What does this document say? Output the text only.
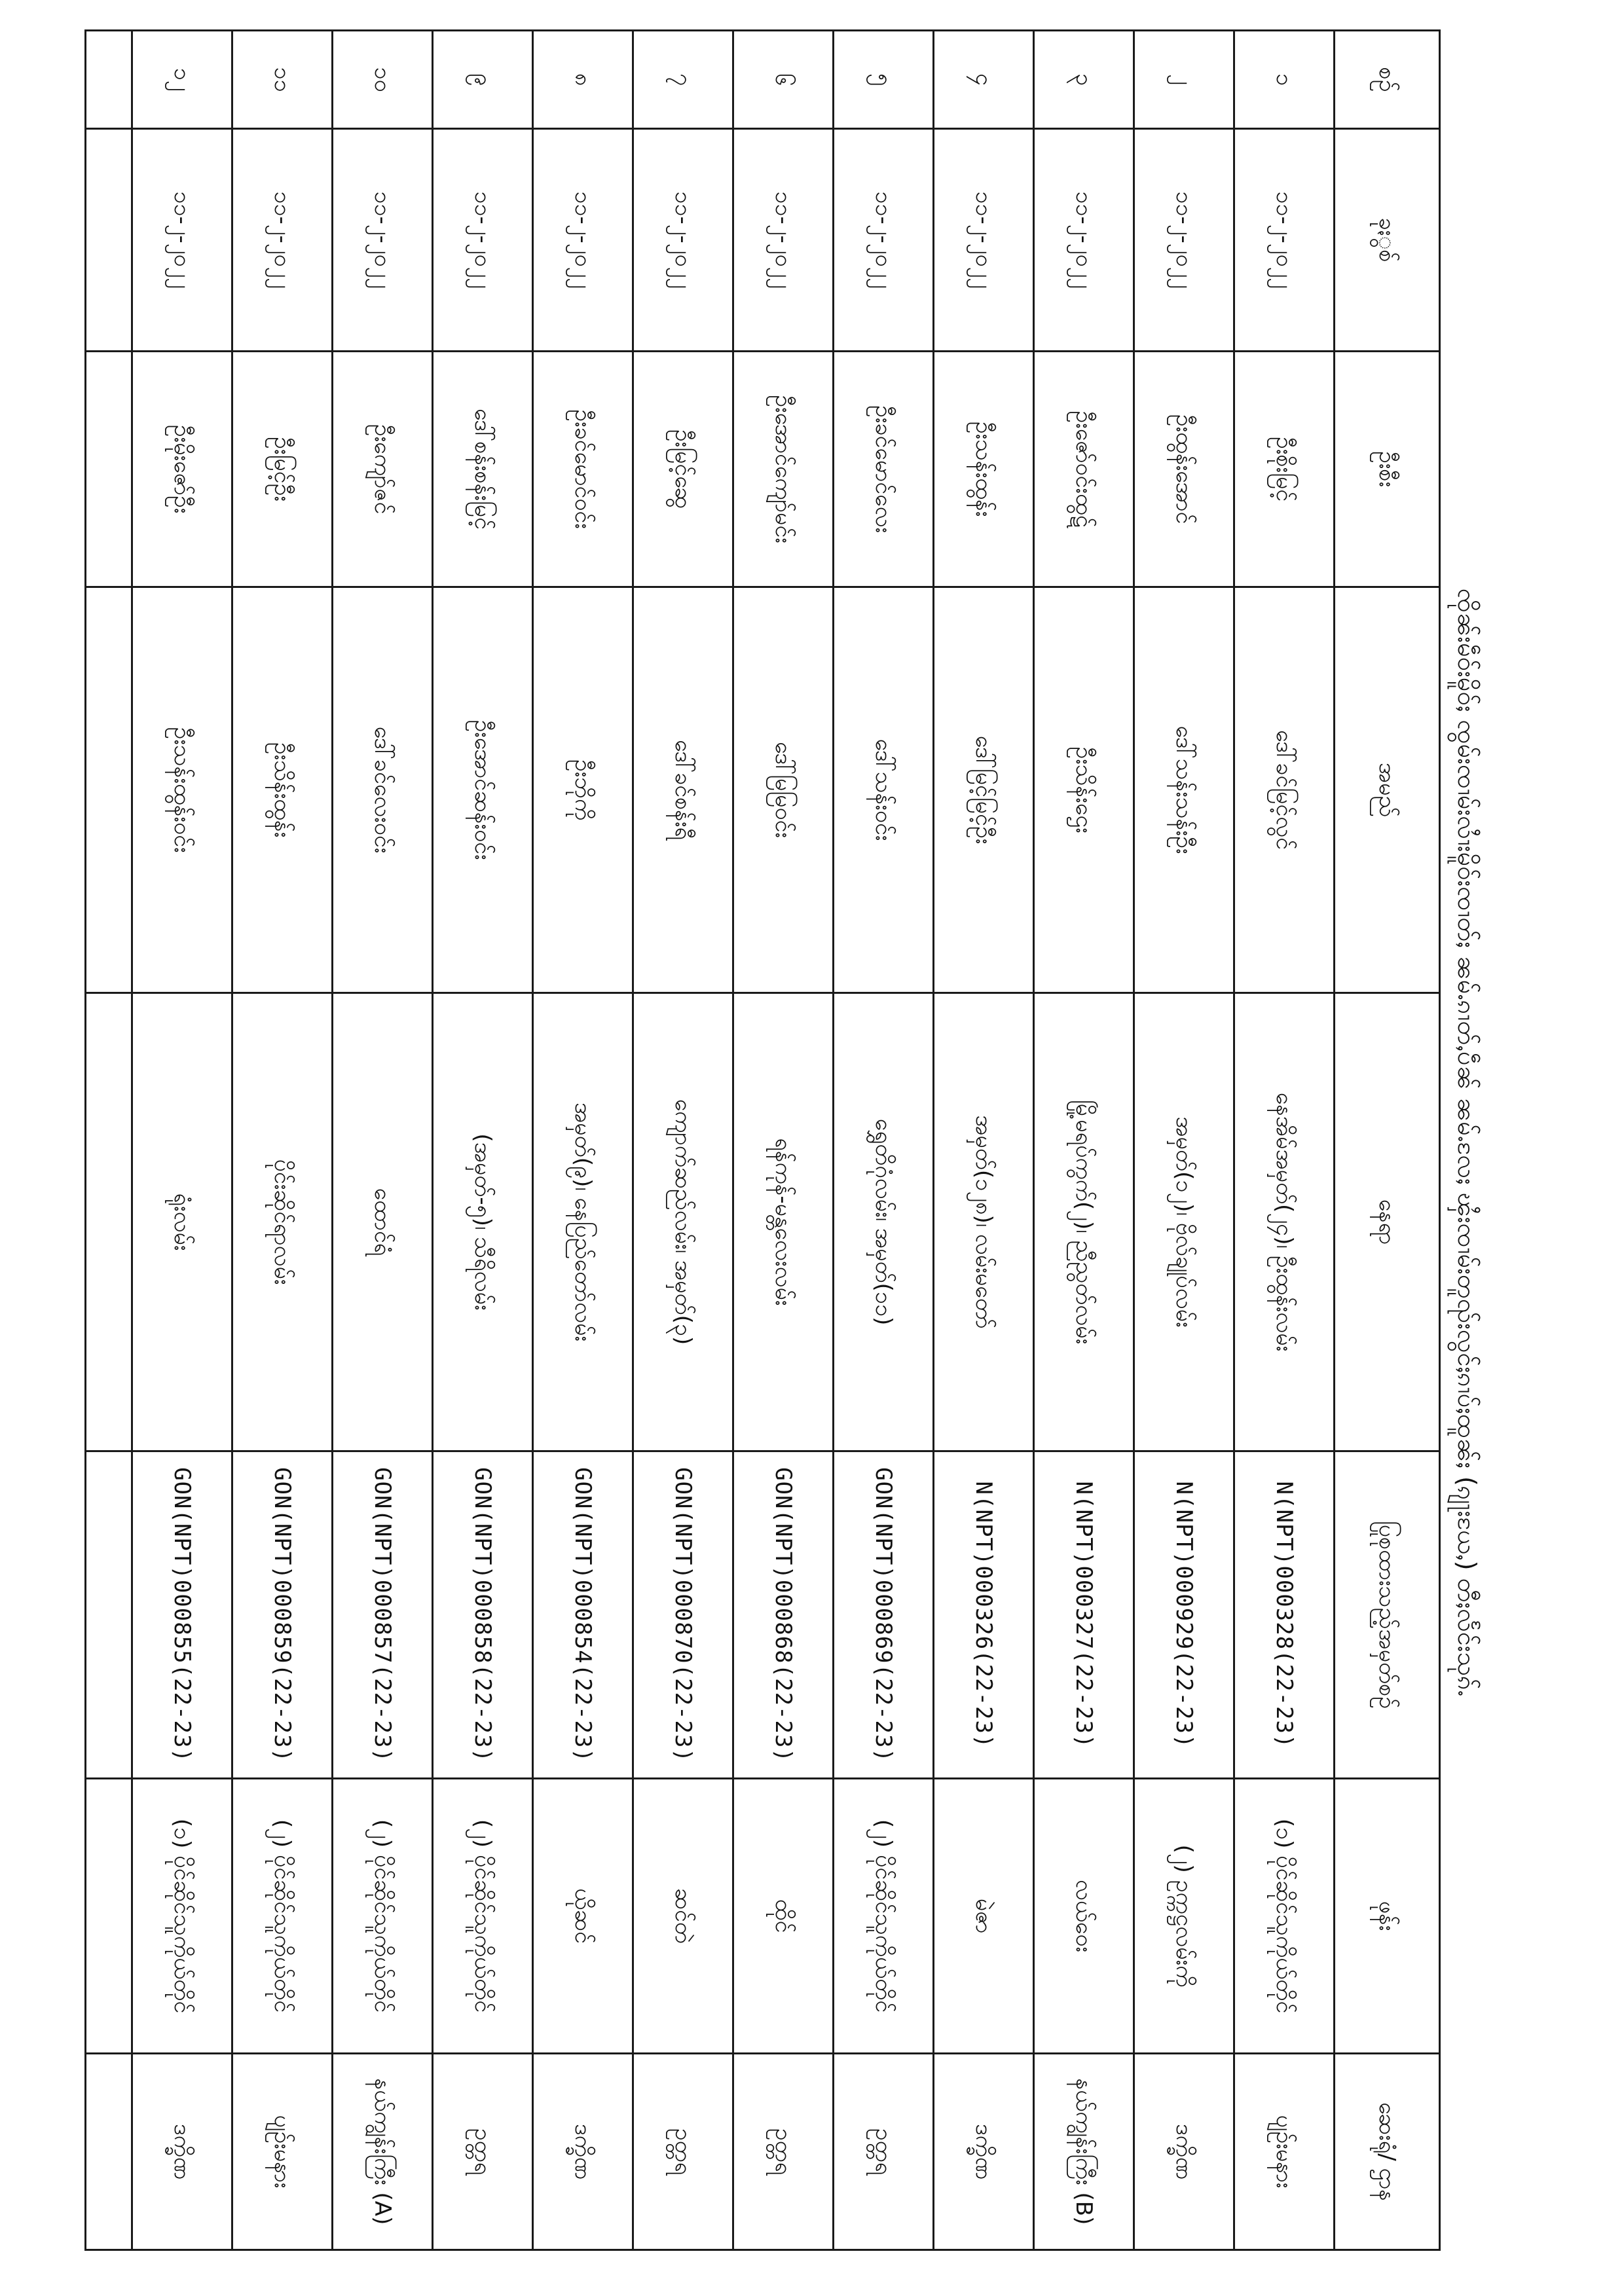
ၸိုၼ်းမဵဝ်းမိူဝ်ႈ ၸွမ်းၸၢမ်းလၢႆးမိူဝ်းၸၢတ်ႈ ၼမ်ႉၵၢတ်ႇပဵၼ် ၼမ်ႉလႄႈ ၾႆးၸၢမ်းတူၺ်းလွင်ႈၵၢပ်ႈထူၼ်ႈ (ၵျႃးယႄႇ) တီႈလႅင်းသုၵ်ႉ
စဥ်	ခုႏွစ်	ဦးစီး	အမည်	နေရာ	ပြုစုထားသည့်အမှတ်စဉ်	ဖုန်း	ဆေးရုံ/ ဌာန
၁	၁၁-၂-၂၀၂၂	ဦးစိုးမြင့်	ဒေါ်ခင်မြင့်လွင်	နေအိမ်အမှတ်(၂၄)၊ ဦးထွန်းလမ်း	N(NPT)000328(22-23)	(၁) ပိုင်ဆိုင်သူကိုယ်တိုင်	ပျဉ်းမနား
၂	၁၁-၂-၂၀၂၂	ဦးထွန်းအောင်	ဒေါ်သန်းသန်းဦး	အမှတ်(၁၂)၊ ဗိုလ်ချုပ်လမ်း	N(NPT)000929(22-23)	(၂) ဥက္ကဋ္ဌလမ်းကို	ဒက္ခိဏ
၃	၁၁-၂-၂၀၂၂	ဦးဇော်ဝင်းထွဋ်	ဦးသိန်းဌေး	မြို့မရပ်ကွက်(၂)၊ ညီညွတ်လမ်း	N(NPT)000327(22-23)	လယ်ဝေး	နယ်ကျွန်းကြီး (B)
၄	၁၁-၂-၂၀၂၂	ဦးသန်းထွန်း	ဒေါ်မြင့်မြင့်ဦး	အမှတ်(၁၂၈)၊ လမ်းမတော်	N(NPT)000326(22-23)	မဲဇာ	ဒက္ခိဏ
၅	၁၁-၂-၂၀၂၂	ဦးခင်မောင်လေး	ဒေါ်သန်းဝင်း	ရွှေတိဂုံလမ်း၊ အမှတ်(၁၁)	GON(NPT)000869(22-23)	(၂) ပိုင်ဆိုင်သူကိုယ်တိုင်	ဥတ္တရ
၆	၁၁-၂-၂၀၂၂	ဦးအောင်ကျော်မင်း	ဒေါ်မြမြဝင်း	ရန်ကုန်-မန္တလေးလမ်း	GON(NPT)000868(22-23)	ထိုင်	ဥတ္တရ
၇	၁၁-၂-၂၀၂၂	ဦးမြင့်ဆွေ	ဒေါ်ခင်စန်းရီ	ကျောက်ဆည်လမ်း၊ အမှတ်(၃)	GON(NPT)000870(22-23)	ဆင်တဲ	ဥတ္တရ
၈	၁၁-၂-၂၀၂၂	ဦးခင်မောင်ဝင်း	ဦးဘိုကို	အမှတ်(၉)၊ နေပြည်တော်လမ်း	GON(NPT)000854(22-23)	ယိုဆင်	ဒက္ခိဏ
၉	၁၁-၂-၂၀၂၂	ဒေါ်စန်းစန်းမြင့်	ဦးအောင်ဆန်းဝင်း	(အမှတ်-၅)၊ သီရိလမ်း	GON(NPT)000858(22-23)	(၂) ပိုင်ဆိုင်သူကိုယ်တိုင်	ဥတ္တရ
၁၀	၁၁-၂-၂၀၂၂	ဦးကျော်ဇင်	ဒေါ်ခင်လေးဝင်း	ထောင်ရံ	GON(NPT)000857(22-23)	(၂) ပိုင်ဆိုင်သူကိုယ်တိုင်	နယ်ကျွန်းကြီး (A)
၁၁	၁၁-၂-၂၀၂၂	ဦးမြင့်ဦး	ဦးသိန်းထွန်း	ပိုင်းဆိုင်ရာလမ်း	GON(NPT)000859(22-23)	(၂) ပိုင်ဆိုင်သူကိုယ်တိုင်	ပျဉ်းမနား
၁၂	၁၁-၂-၂၀၂၂	ဦးမိုးဇော်ဦး	ဦးသန်းထွန်းဝင်း	ရုံးလမ်း	GON(NPT)000855(22-23)	(၁) ပိုင်ဆိုင်သူကိုယ်တိုင်	ဒက္ခိဏ
